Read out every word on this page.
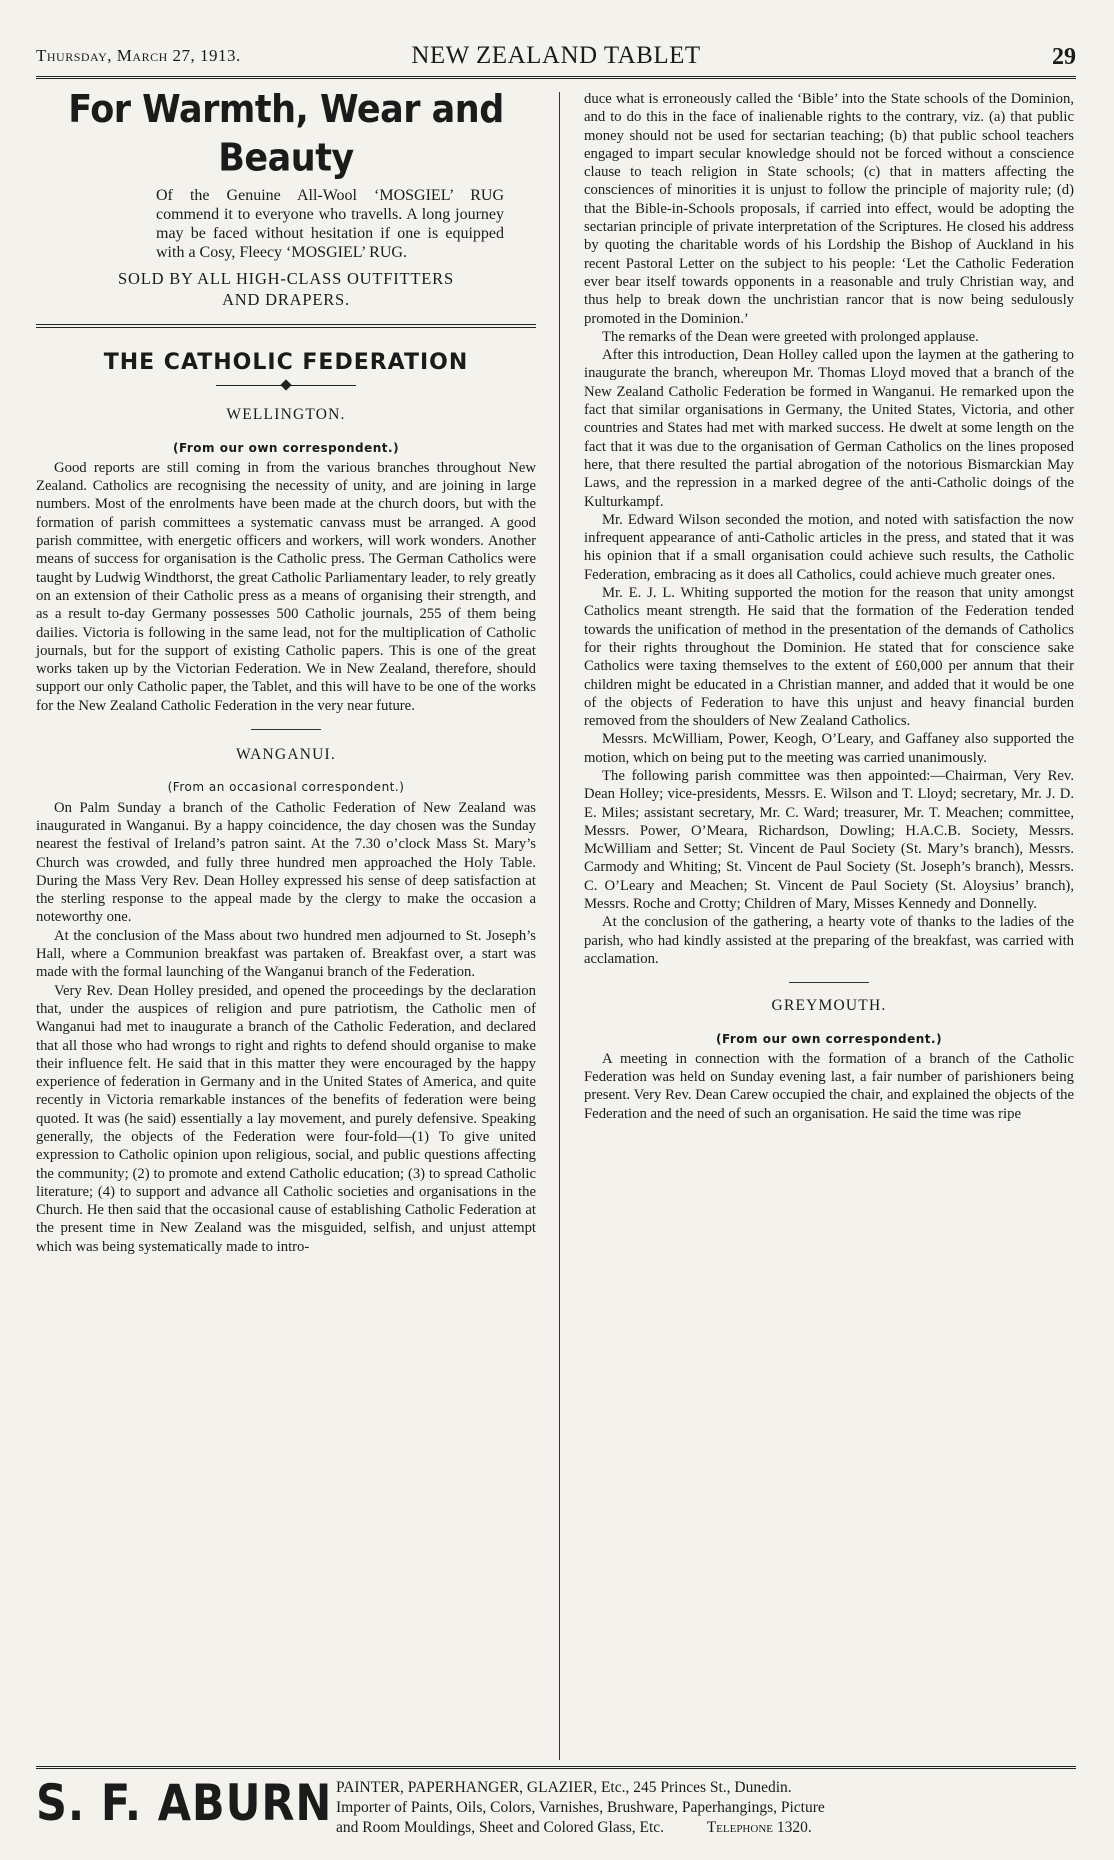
Thursday, March 27, 1913.	NEW ZEALAND TABLET	29
For Warmth, Wear and Beauty
Of the Genuine All-Wool ‘MOSGIEL’ RUG commend it to everyone who travells. A long journey may be faced without hesitation if one is equipped with a Cosy, Fleecy ‘MOSGIEL’ RUG.
SOLD BY ALL HIGH-CLASS OUTFITTERS
AND DRAPERS.
THE CATHOLIC FEDERATION
WELLINGTON.
(From our own correspondent.)

Good reports are still coming in from the various branches throughout New Zealand. Catholics are recognising the necessity of unity, and are joining in large numbers. Most of the enrolments have been made at the church doors, but with the formation of parish committees a systematic canvass must be arranged. A good parish committee, with energetic officers and workers, will work wonders. Another means of success for organisation is the Catholic press. The German Catholics were taught by Ludwig Windthorst, the great Catholic Parliamentary leader, to rely greatly on an extension of their Catholic press as a means of organising their strength, and as a result to-day Germany possesses 500 Catholic journals, 255 of them being dailies. Victoria is following in the same lead, not for the multiplication of Catholic journals, but for the support of existing Catholic papers. This is one of the great works taken up by the Victorian Federation. We in New Zealand, therefore, should support our only Catholic paper, the Tablet, and this will have to be one of the works for the New Zealand Catholic Federation in the very near future.

WANGANUI.
(From an occasional correspondent.)

On Palm Sunday a branch of the Catholic Federation of New Zealand was inaugurated in Wanganui. By a happy coincidence, the day chosen was the Sunday nearest the festival of Ireland’s patron saint. At the 7.30 o’clock Mass St. Mary’s Church was crowded, and fully three hundred men approached the Holy Table. During the Mass Very Rev. Dean Holley expressed his sense of deep satisfaction at the sterling response to the appeal made by the clergy to make the occasion a noteworthy one.

At the conclusion of the Mass about two hundred men adjourned to St. Joseph’s Hall, where a Communion breakfast was partaken of. Breakfast over, a start was made with the formal launching of the Wanganui branch of the Federation.

Very Rev. Dean Holley presided, and opened the proceedings by the declaration that, under the auspices of religion and pure patriotism, the Catholic men of Wanganui had met to inaugurate a branch of the Catholic Federation, and declared that all those who had wrongs to right and rights to defend should organise to make their influence felt. He said that in this matter they were encouraged by the happy experience of federation in Germany and in the United States of America, and quite recently in Victoria remarkable instances of the benefits of federation were being quoted. It was (he said) essentially a lay movement, and purely defensive. Speaking generally, the objects of the Federation were four-fold—(1) To give united expression to Catholic opinion upon religious, social, and public questions affecting the community; (2) to promote and extend Catholic education; (3) to spread Catholic literature; (4) to support and advance all Catholic societies and organisations in the Church. He then said that the occasional cause of establishing Catholic Federation at the present time in New Zealand was the misguided, selfish, and unjust attempt which was being systematically made to intro-

duce what is erroneously called the ‘Bible’ into the State schools of the Dominion, and to do this in the face of inalienable rights to the contrary, viz. (a) that public money should not be used for sectarian teaching; (b) that public school teachers engaged to impart secular knowledge should not be forced without a conscience clause to teach religion in State schools; (c) that in matters affecting the consciences of minorities it is unjust to follow the principle of majority rule; (d) that the Bible-in-Schools proposals, if carried into effect, would be adopting the sectarian principle of private interpretation of the Scriptures. He closed his address by quoting the charitable words of his Lordship the Bishop of Auckland in his recent Pastoral Letter on the subject to his people: ‘Let the Catholic Federation ever bear itself towards opponents in a reasonable and truly Christian way, and thus help to break down the unchristian rancor that is now being sedulously promoted in the Dominion.’

The remarks of the Dean were greeted with prolonged applause.

After this introduction, Dean Holley called upon the laymen at the gathering to inaugurate the branch, whereupon Mr. Thomas Lloyd moved that a branch of the New Zealand Catholic Federation be formed in Wanganui. He remarked upon the fact that similar organisations in Germany, the United States, Victoria, and other countries and States had met with marked success. He dwelt at some length on the fact that it was due to the organisation of German Catholics on the lines proposed here, that there resulted the partial abrogation of the notorious Bismarckian May Laws, and the repression in a marked degree of the anti-Catholic doings of the Kulturkampf.

Mr. Edward Wilson seconded the motion, and noted with satisfaction the now infrequent appearance of anti-Catholic articles in the press, and stated that it was his opinion that if a small organisation could achieve such results, the Catholic Federation, embracing as it does all Catholics, could achieve much greater ones.

Mr. E. J. L. Whiting supported the motion for the reason that unity amongst Catholics meant strength. He said that the formation of the Federation tended towards the unification of method in the presentation of the demands of Catholics for their rights throughout the Dominion. He stated that for conscience sake Catholics were taxing themselves to the extent of £60,000 per annum that their children might be educated in a Christian manner, and added that it would be one of the objects of Federation to have this unjust and heavy financial burden removed from the shoulders of New Zealand Catholics.

Messrs. McWilliam, Power, Keogh, O’Leary, and Gaffaney also supported the motion, which on being put to the meeting was carried unanimously.

The following parish committee was then appointed:—Chairman, Very Rev. Dean Holley; vice-presidents, Messrs. E. Wilson and T. Lloyd; secretary, Mr. J. D. E. Miles; assistant secretary, Mr. C. Ward; treasurer, Mr. T. Meachen; committee, Messrs. Power, O’Meara, Richardson, Dowling; H.A.C.B. Society, Messrs. McWilliam and Setter; St. Vincent de Paul Society (St. Mary’s branch), Messrs. Carmody and Whiting; St. Vincent de Paul Society (St. Joseph’s branch), Messrs. C. O’Leary and Meachen; St. Vincent de Paul Society (St. Aloysius’ branch), Messrs. Roche and Crotty; Children of Mary, Misses Kennedy and Donnelly.

At the conclusion of the gathering, a hearty vote of thanks to the ladies of the parish, who had kindly assisted at the preparing of the breakfast, was carried with acclamation.

GREYMOUTH.
(From our own correspondent.)

A meeting in connection with the formation of a branch of the Catholic Federation was held on Sunday evening last, a fair number of parishioners being present. Very Rev. Dean Carew occupied the chair, and explained the objects of the Federation and the need of such an organisation. He said the time was ripe

S. F. ABURN PAINTER, PAPERHANGER, GLAZIER, Etc., 245 Princes St., Dunedin.
Importer of Paints, Oils, Colors, Varnishes, Brushware, Paperhangings, Picture
and Room Mouldings, Sheet and Colored Glass, Etc.	Telephone 1320.
